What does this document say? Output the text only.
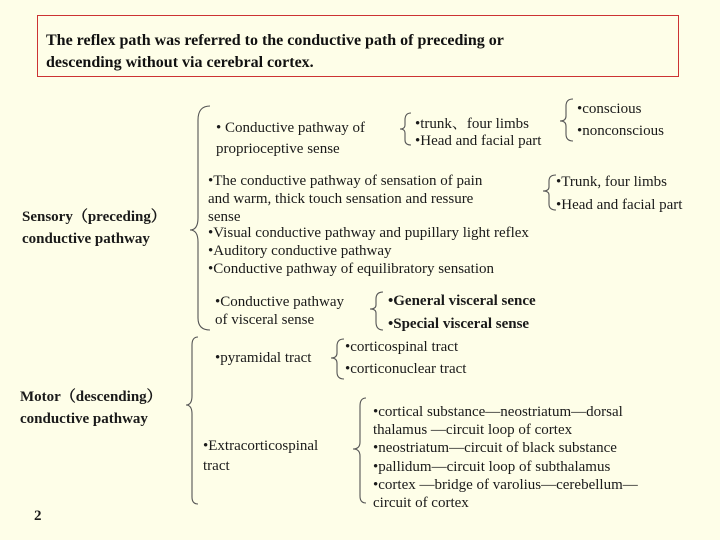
The reflex path was referred to the conductive path of preceding or
descending without via cerebral cortex.
Sensory（preceding）
conductive pathway
• Conductive pathway of
proprioceptive sense
•trunk、four limbs
•Head and facial part
•conscious
•nonconscious
•The conductive pathway of sensation of pain
and warm, thick touch sensation and ressure
sense
•Trunk, four limbs
•Head and facial part
•Visual conductive pathway and pupillary light reflex
•Auditory conductive pathway
•Conductive pathway of equilibratory sensation
•Conductive pathway
of visceral sense
•General visceral sence
•Special visceral sense
Motor（descending）
conductive pathway
•pyramidal tract
•corticospinal tract
•corticonuclear tract
•Extracorticospinal
tract
•cortical substance—neostriatum—dorsal
thalamus —circuit loop of cortex
•neostriatum—circuit of black substance
•pallidum—circuit loop of subthalamus
•cortex —bridge of varolius—cerebellum—
circuit of cortex
2
